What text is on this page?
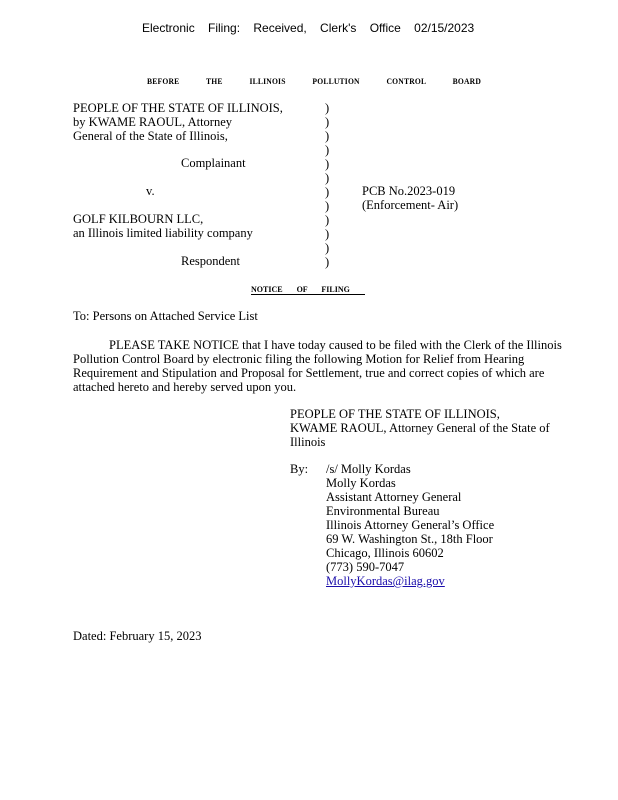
Electronic Filing: Received, Clerk's Office 02/15/2023
BEFORE THE ILLINOIS POLLUTION CONTROL BOARD
PEOPLE OF THE STATE OF ILLINOIS,
by KWAME RAOUL, Attorney
General of the State of Illinois,
Complainant
v.
GOLF KILBOURN LLC,
an Illinois limited liability company
Respondent
)
)
)
)
)
)
)
)
)
)
)
)
PCB No.2023-019
(Enforcement- Air)
NOTICE OF FILING
To: Persons on Attached Service List
PLEASE TAKE NOTICE that I have today caused to be filed with the Clerk of the Illinois
Pollution Control Board by electronic filing the following Motion for Relief from Hearing
Requirement and Stipulation and Proposal for Settlement, true and correct copies of which are
attached hereto and hereby served upon you.
PEOPLE OF THE STATE OF ILLINOIS,
KWAME RAOUL, Attorney General of the State of
Illinois
By: /s/ Molly Kordas
Molly Kordas
Assistant Attorney General
Environmental Bureau
Illinois Attorney General’s Office
69 W. Washington St., 18th Floor
Chicago, Illinois 60602
(773) 590-7047
MollyKordas@ilag.gov
Dated: February 15, 2023
